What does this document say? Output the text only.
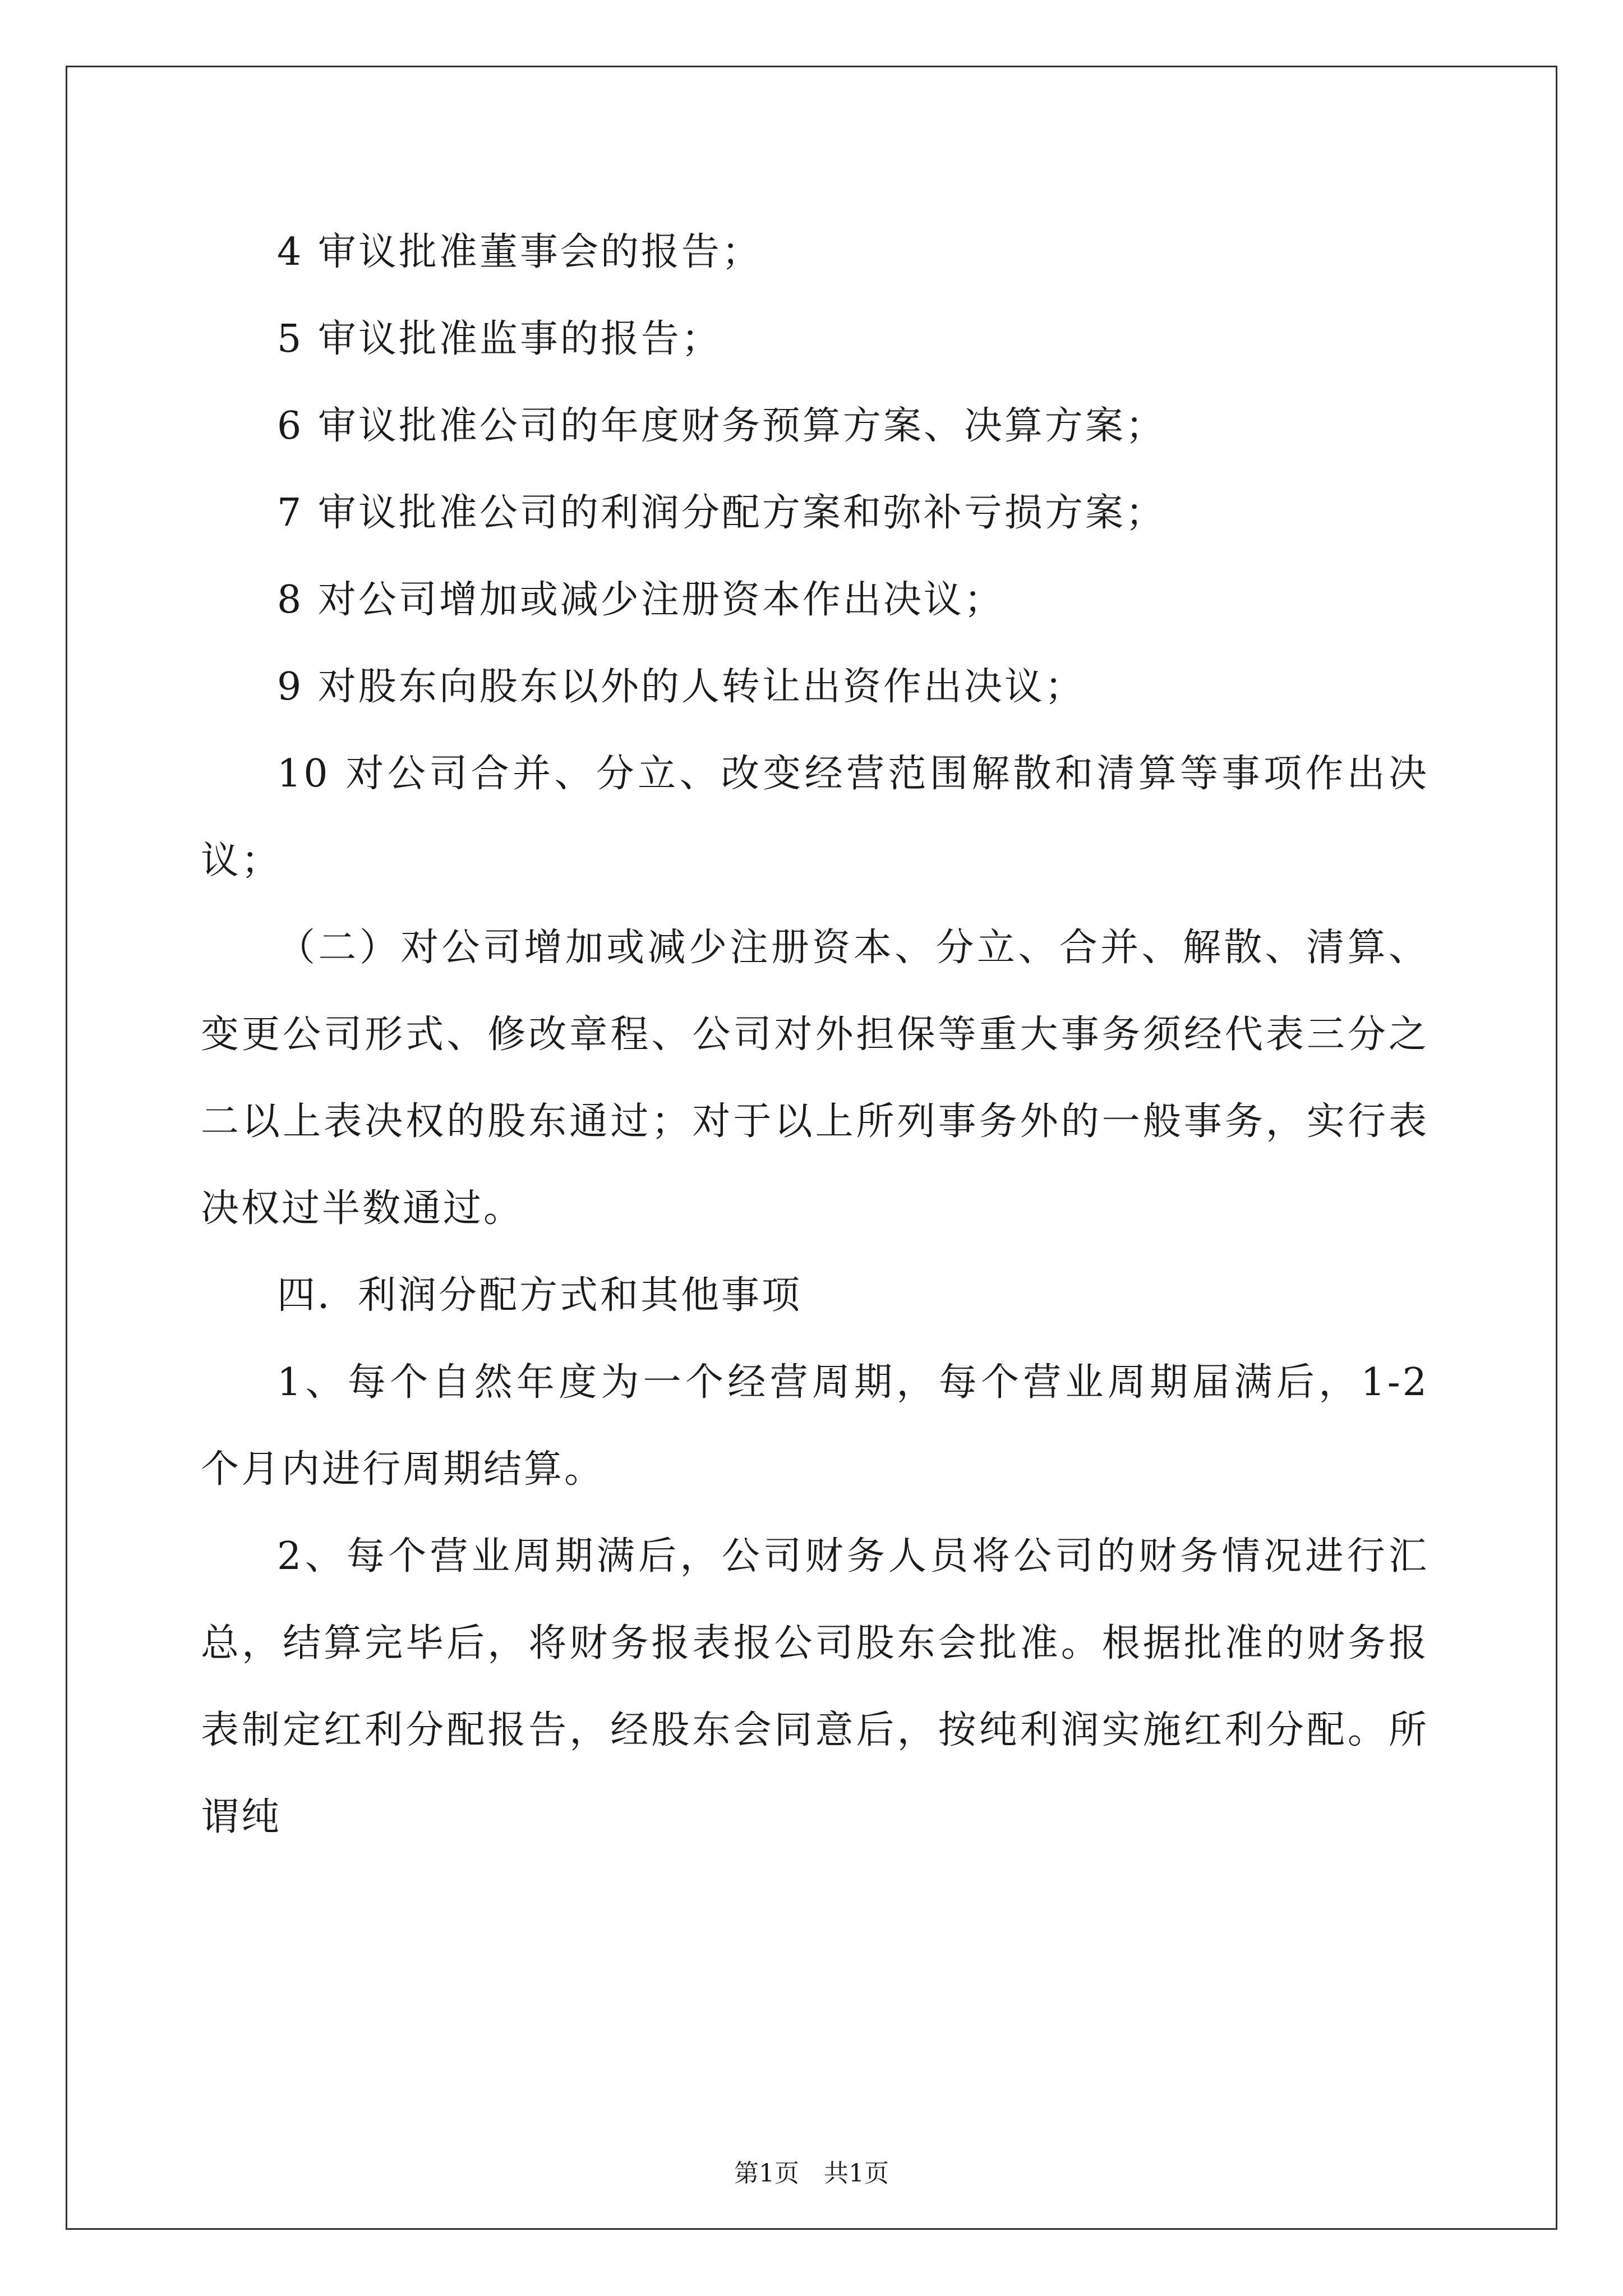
4 审议批准董事会的报告；

5 审议批准监事的报告；

6 审议批准公司的年度财务预算方案、决算方案；

7 审议批准公司的利润分配方案和弥补亏损方案；

8 对公司增加或减少注册资本作出决议；

9 对股东向股东以外的人转让出资作出决议；

10 对公司合并、分立、改变经营范围解散和清算等事项作出决议；

（二）对公司增加或减少注册资本、分立、合并、解散、清算、变更公司形式、修改章程、公司对外担保等重大事务须经代表三分之二以上表决权的股东通过；对于以上所列事务外的一般事务，实行表决权过半数通过。

四．利润分配方式和其他事项

1、每个自然年度为一个经营周期，每个营业周期届满后，1-2 个月内进行周期结算。

2、每个营业周期满后，公司财务人员将公司的财务情况进行汇总，结算完毕后，将财务报表报公司股东会批准。根据批准的财务报表制定红利分配报告，经股东会同意后，按纯利润实施红利分配。所谓纯

第1页　共1页
